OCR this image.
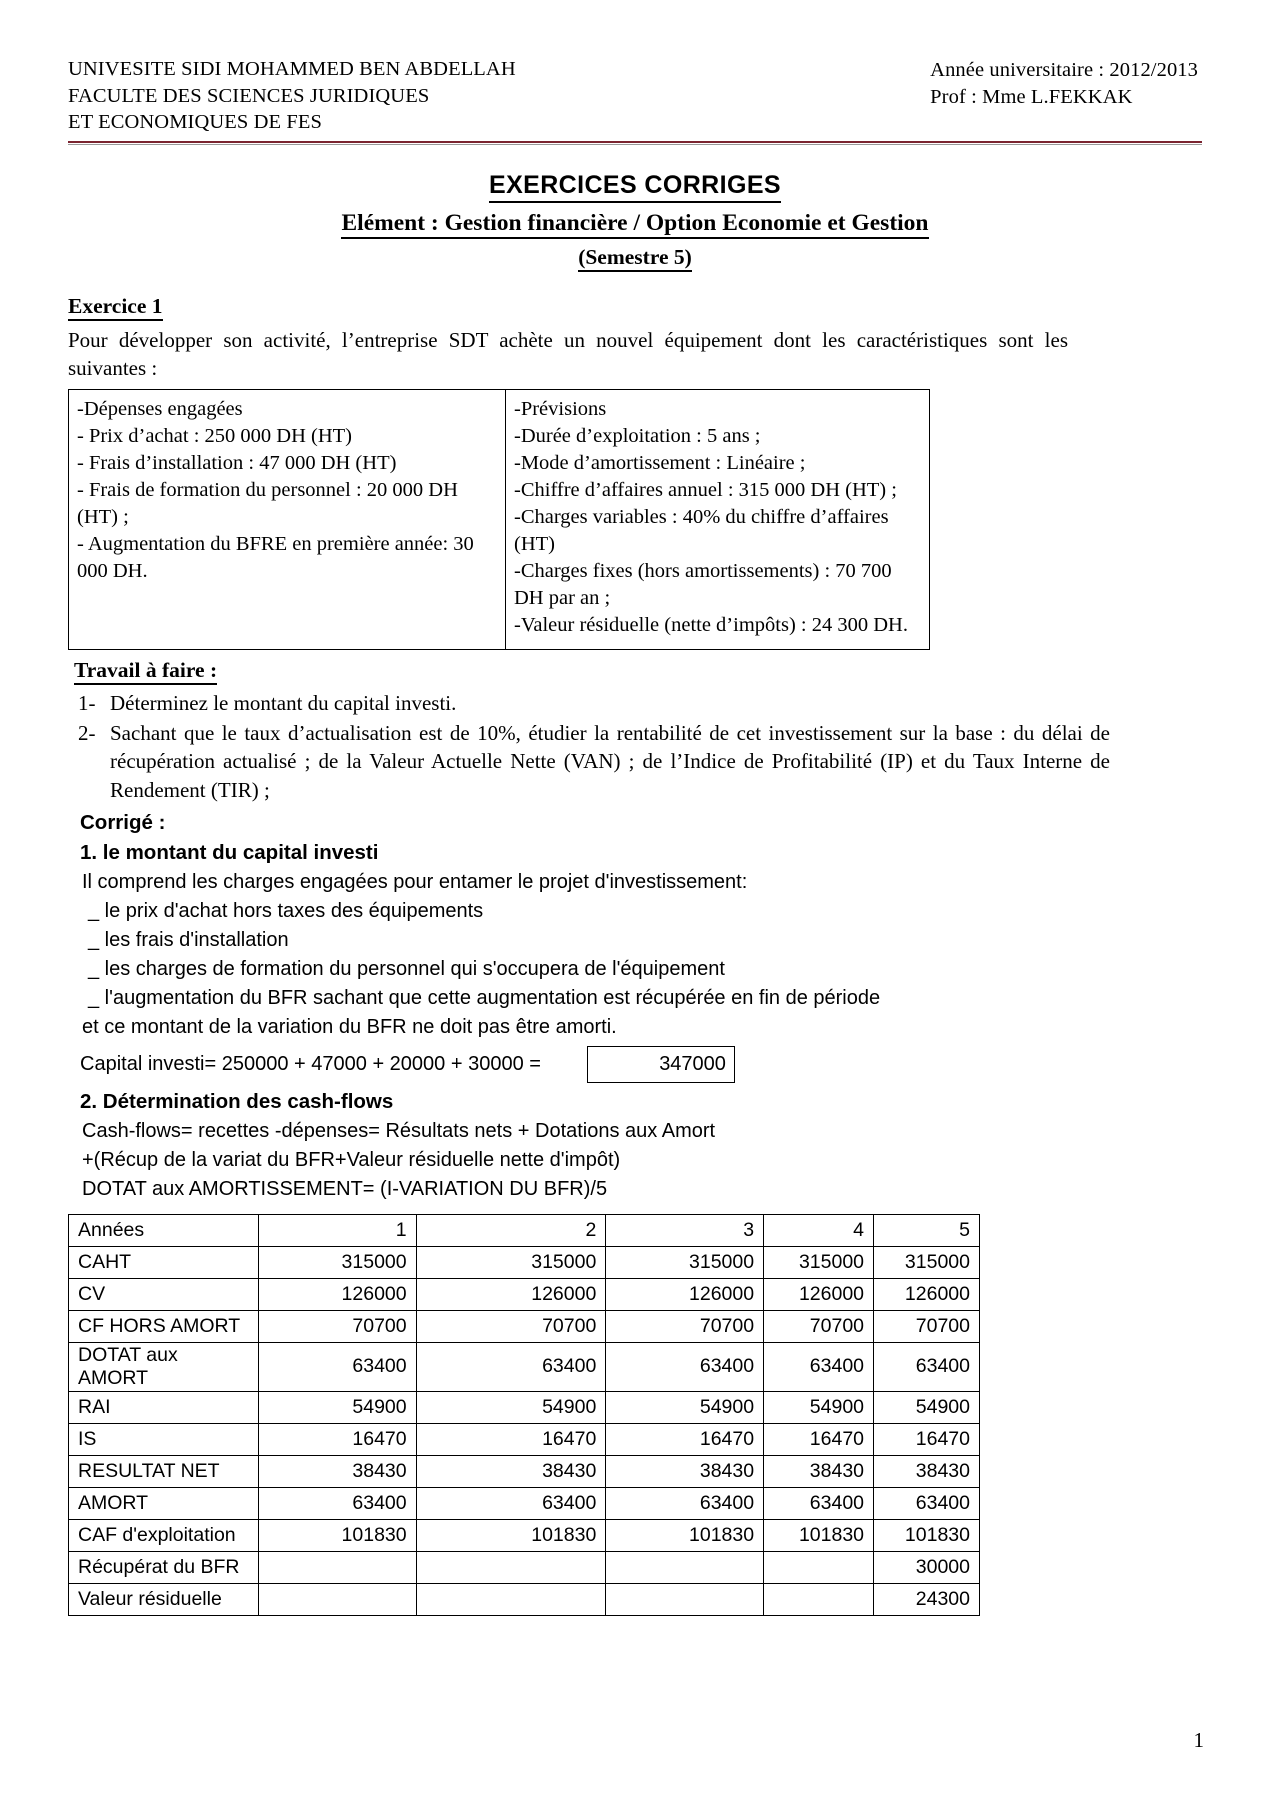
UNIVESITE SIDI MOHAMMED BEN ABDELLAH
FACULTE DES SCIENCES JURIDIQUES
ET ECONOMIQUES DE FES
Année universitaire : 2012/2013
Prof : Mme L.FEKKAK
EXERCICES CORRIGES
Elément : Gestion financière / Option Economie et Gestion
(Semestre 5)
Exercice 1
Pour développer son activité, l’entreprise SDT achète un nouvel équipement dont les caractéristiques sont les suivantes :
-Dépenses engagées
- Prix d’achat : 250 000 DH (HT)
- Frais d’installation : 47 000 DH (HT)
- Frais de formation du personnel : 20 000 DH (HT) ;
- Augmentation du BFRE en première année: 30 000 DH.
-Prévisions
-Durée d’exploitation : 5 ans ;
-Mode d’amortissement : Linéaire ;
-Chiffre d’affaires annuel : 315 000 DH (HT) ;
-Charges variables : 40% du chiffre d’affaires (HT)
-Charges fixes (hors amortissements) : 70 700 DH par an ;
-Valeur résiduelle (nette d’impôts) : 24 300 DH.
Travail à faire :
1- Déterminez le montant du capital investi.
2- Sachant que le taux d’actualisation est de 10%, étudier la rentabilité de cet investissement sur la base : du délai de récupération actualisé ; de la Valeur Actuelle Nette (VAN) ; de l’Indice de Profitabilité (IP) et du Taux Interne de Rendement (TIR) ;
Corrigé :
1. le montant du capital investi
Il comprend les charges engagées pour entamer le projet d'investissement:
_ le prix d'achat hors taxes des équipements
_ les frais d'installation
_ les charges de formation du personnel qui s'occupera de l'équipement
_ l'augmentation du BFR sachant que cette augmentation est récupérée en fin de période
et ce montant de la variation du BFR ne doit pas être amorti.
Capital investi= 250000 + 47000 + 20000 + 30000 =	347000
2. Détermination des cash-flows
Cash-flows= recettes -dépenses= Résultats nets + Dotations aux Amort
+(Récup de la variat du BFR+Valeur résiduelle nette d'impôt)
DOTAT aux AMORTISSEMENT= (I-VARIATION DU BFR)/5
Années	1	2	3	4	5
CAHT	315000	315000	315000	315000	315000
CV	126000	126000	126000	126000	126000
CF HORS AMORT	70700	70700	70700	70700	70700
DOTAT aux AMORT	63400	63400	63400	63400	63400
RAI	54900	54900	54900	54900	54900
IS	16470	16470	16470	16470	16470
RESULTAT NET	38430	38430	38430	38430	38430
AMORT	63400	63400	63400	63400	63400
CAF d'exploitation	101830	101830	101830	101830	101830
Récupérat du BFR					30000
Valeur résiduelle					24300
1
